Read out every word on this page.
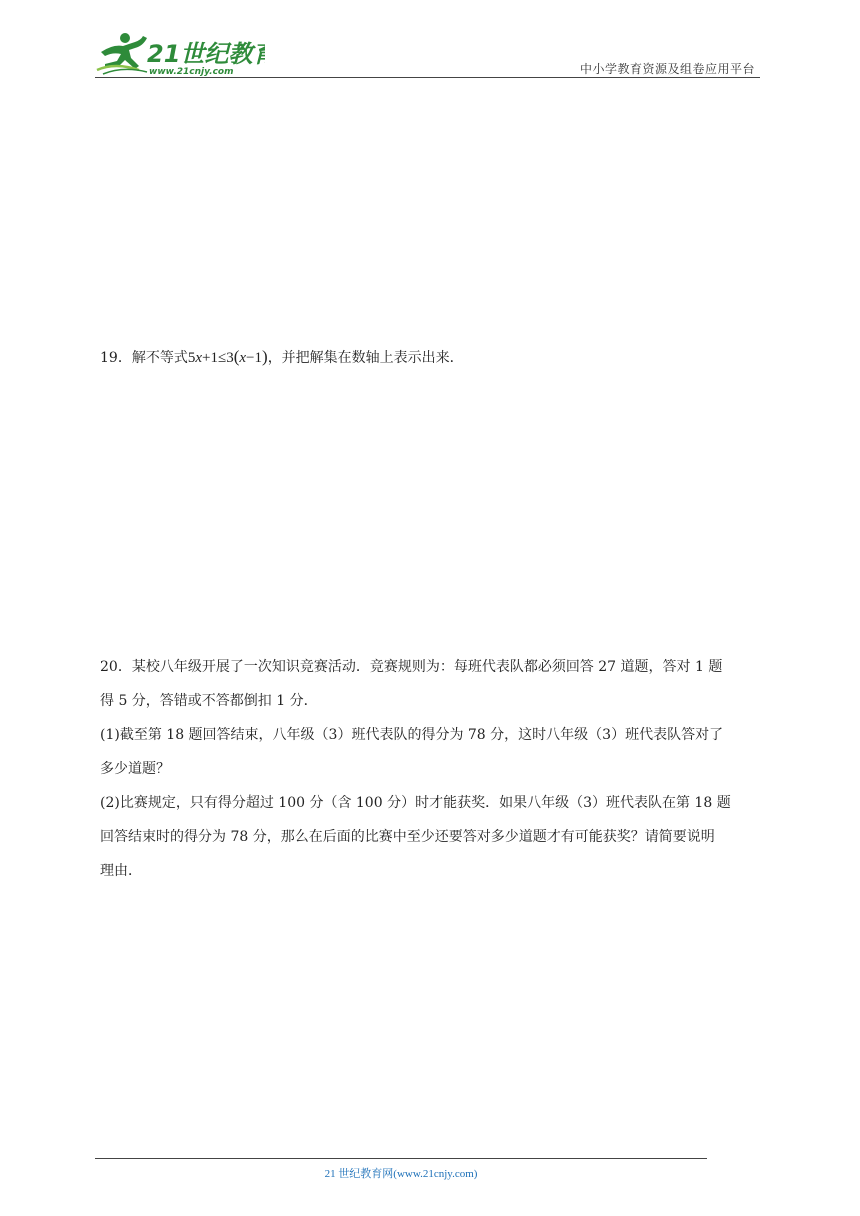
21世纪教育
www.21cnjy.com	中小学教育资源及组卷应用平台

19．解不等式5x+1≤3(x−1)，并把解集在数轴上表示出来．

20．某校八年级开展了一次知识竞赛活动．竞赛规则为：每班代表队都必须回答 27 道题，答对 1 题

得 5 分，答错或不答都倒扣 1 分．

(1)截至第 18 题回答结束，八年级（3）班代表队的得分为 78 分，这时八年级（3）班代表队答对了

多少道题？

(2)比赛规定，只有得分超过 100 分（含 100 分）时才能获奖．如果八年级（3）班代表队在第 18 题

回答结束时的得分为 78 分，那么在后面的比赛中至少还要答对多少道题才有可能获奖？请简要说明

理由．

21 世纪教育网(www.21cnjy.com)
